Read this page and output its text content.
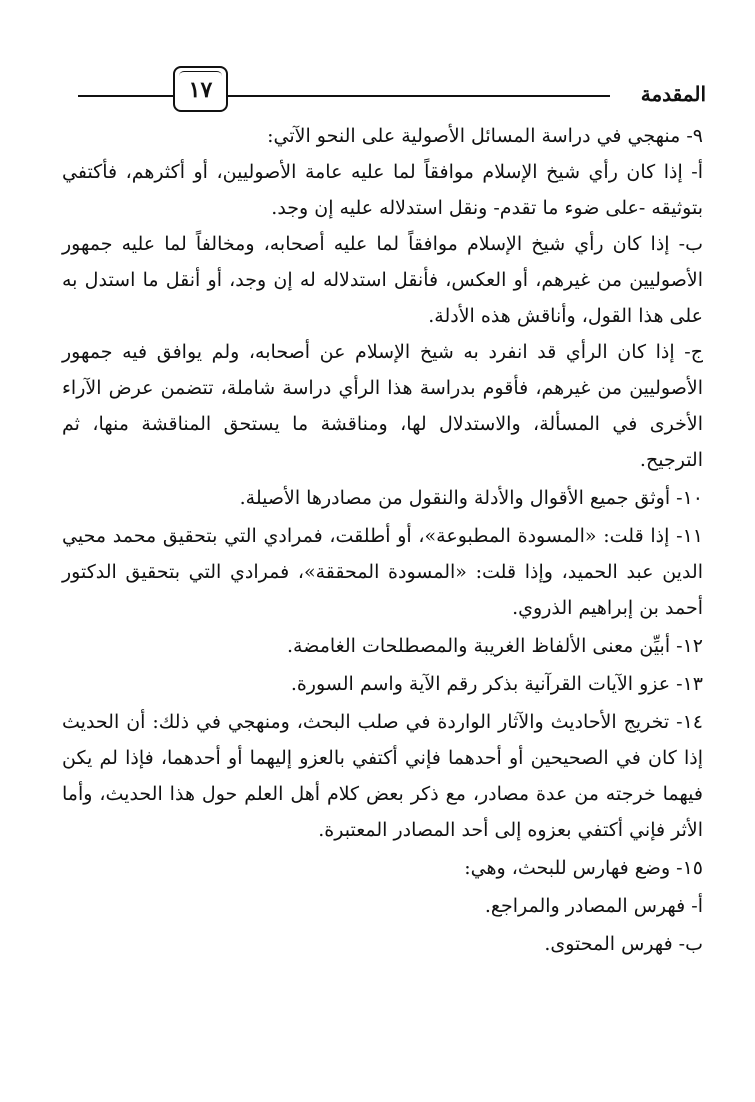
١٧	المقدمة

٩- منهجي في دراسة المسائل الأصولية على النحو الآتي:

أ- إذا كان رأي شيخ الإسلام موافقاً لما عليه عامة الأصوليين، أو أكثرهم، فأكتفي بتوثيقه -على ضوء ما تقدم- ونقل استدلاله عليه إن وجد.

ب- إذا كان رأي شيخ الإسلام موافقاً لما عليه أصحابه، ومخالفاً لما عليه جمهور الأصوليين من غيرهم، أو العكس، فأنقل استدلاله له إن وجد، أو أنقل ما استدل به على هذا القول، وأناقش هذه الأدلة.

ج- إذا كان الرأي قد انفرد به شيخ الإسلام عن أصحابه، ولم يوافق فيه جمهور الأصوليين من غيرهم، فأقوم بدراسة هذا الرأي دراسة شاملة، تتضمن عرض الآراء الأخرى في المسألة، والاستدلال لها، ومناقشة ما يستحق المناقشة منها، ثم الترجيح.

١٠- أوثق جميع الأقوال والأدلة والنقول من مصادرها الأصيلة.

١١- إذا قلت: «المسودة المطبوعة»، أو أطلقت، فمرادي التي بتحقيق محمد محيي الدين عبد الحميد، وإذا قلت: «المسودة المحققة»، فمرادي التي بتحقيق الدكتور أحمد بن إبراهيم الذروي.

١٢- أبيِّن معنى الألفاظ الغريبة والمصطلحات الغامضة.

١٣- عزو الآيات القرآنية بذكر رقم الآية واسم السورة.

١٤- تخريج الأحاديث والآثار الواردة في صلب البحث، ومنهجي في ذلك: أن الحديث إذا كان في الصحيحين أو أحدهما فإني أكتفي بالعزو إليهما أو أحدهما، فإذا لم يكن فيهما خرجته من عدة مصادر، مع ذكر بعض كلام أهل العلم حول هذا الحديث، وأما الأثر فإني أكتفي بعزوه إلى أحد المصادر المعتبرة.

١٥- وضع فهارس للبحث، وهي:

أ- فهرس المصادر والمراجع.

ب- فهرس المحتوى.
